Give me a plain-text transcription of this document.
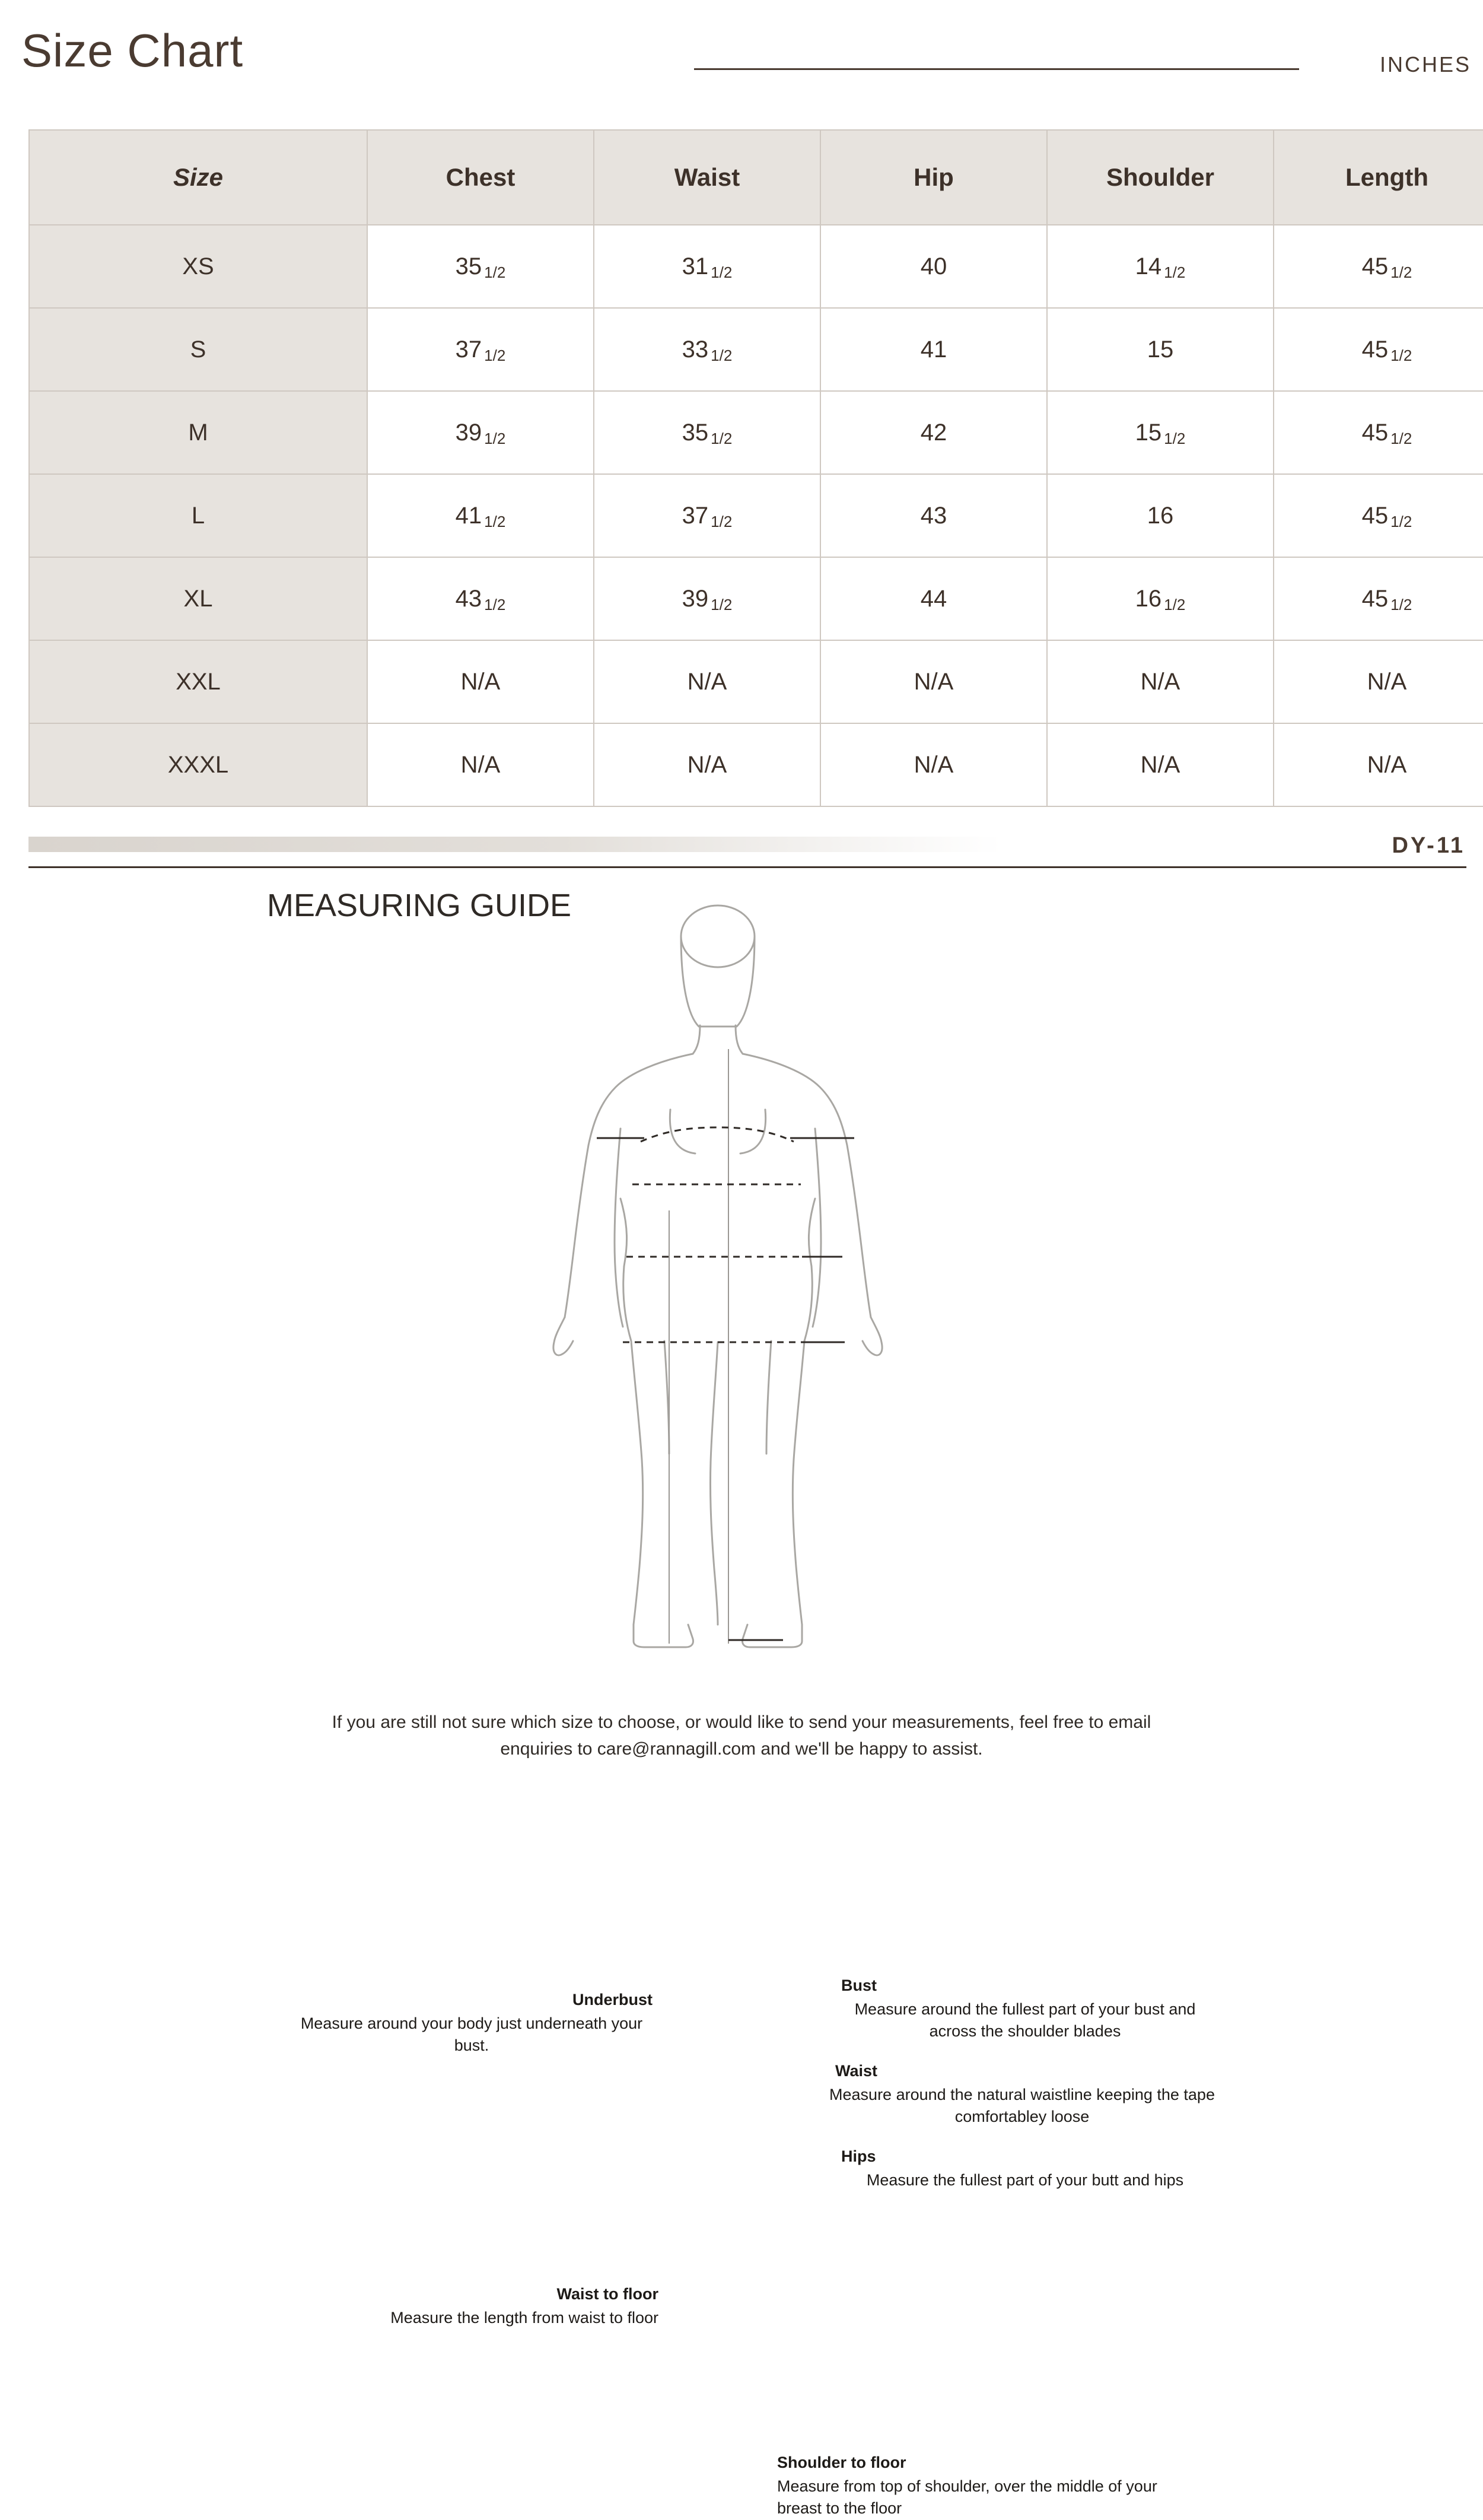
Size Chart	INCHES
Size	Chest	Waist	Hip	Shoulder	Length	
XS	35 1/2	31 1/2	40	14 1/2	45 1/2	
S	37 1/2	33 1/2	41	15	45 1/2	
M	39 1/2	35 1/2	42	15 1/2	45 1/2	
L	41 1/2	37 1/2	43	16	45 1/2	
XL	43 1/2	39 1/2	44	16 1/2	45 1/2	
XXL	N/A	N/A	N/A	N/A	N/A	
XXXL	N/A	N/A	N/A	N/A	N/A	
DY-11
MEASURING GUIDE
Bust
Measure around the fullest part of your bust and across the shoulder blades
Underbust
Measure around your body just underneath your bust.
Waist
Measure around the natural waistline keeping the tape comfortabley loose
Hips
Measure the fullest part of your butt and hips
Waist to floor
Measure the length from waist to floor
Shoulder to floor
Measure from top of shoulder, over the middle of your breast to the floor
If you are still not sure which size to choose, or would like to send your measurements, feel free to email
enquiries to care@rannagill.com and we'll be happy to assist.
